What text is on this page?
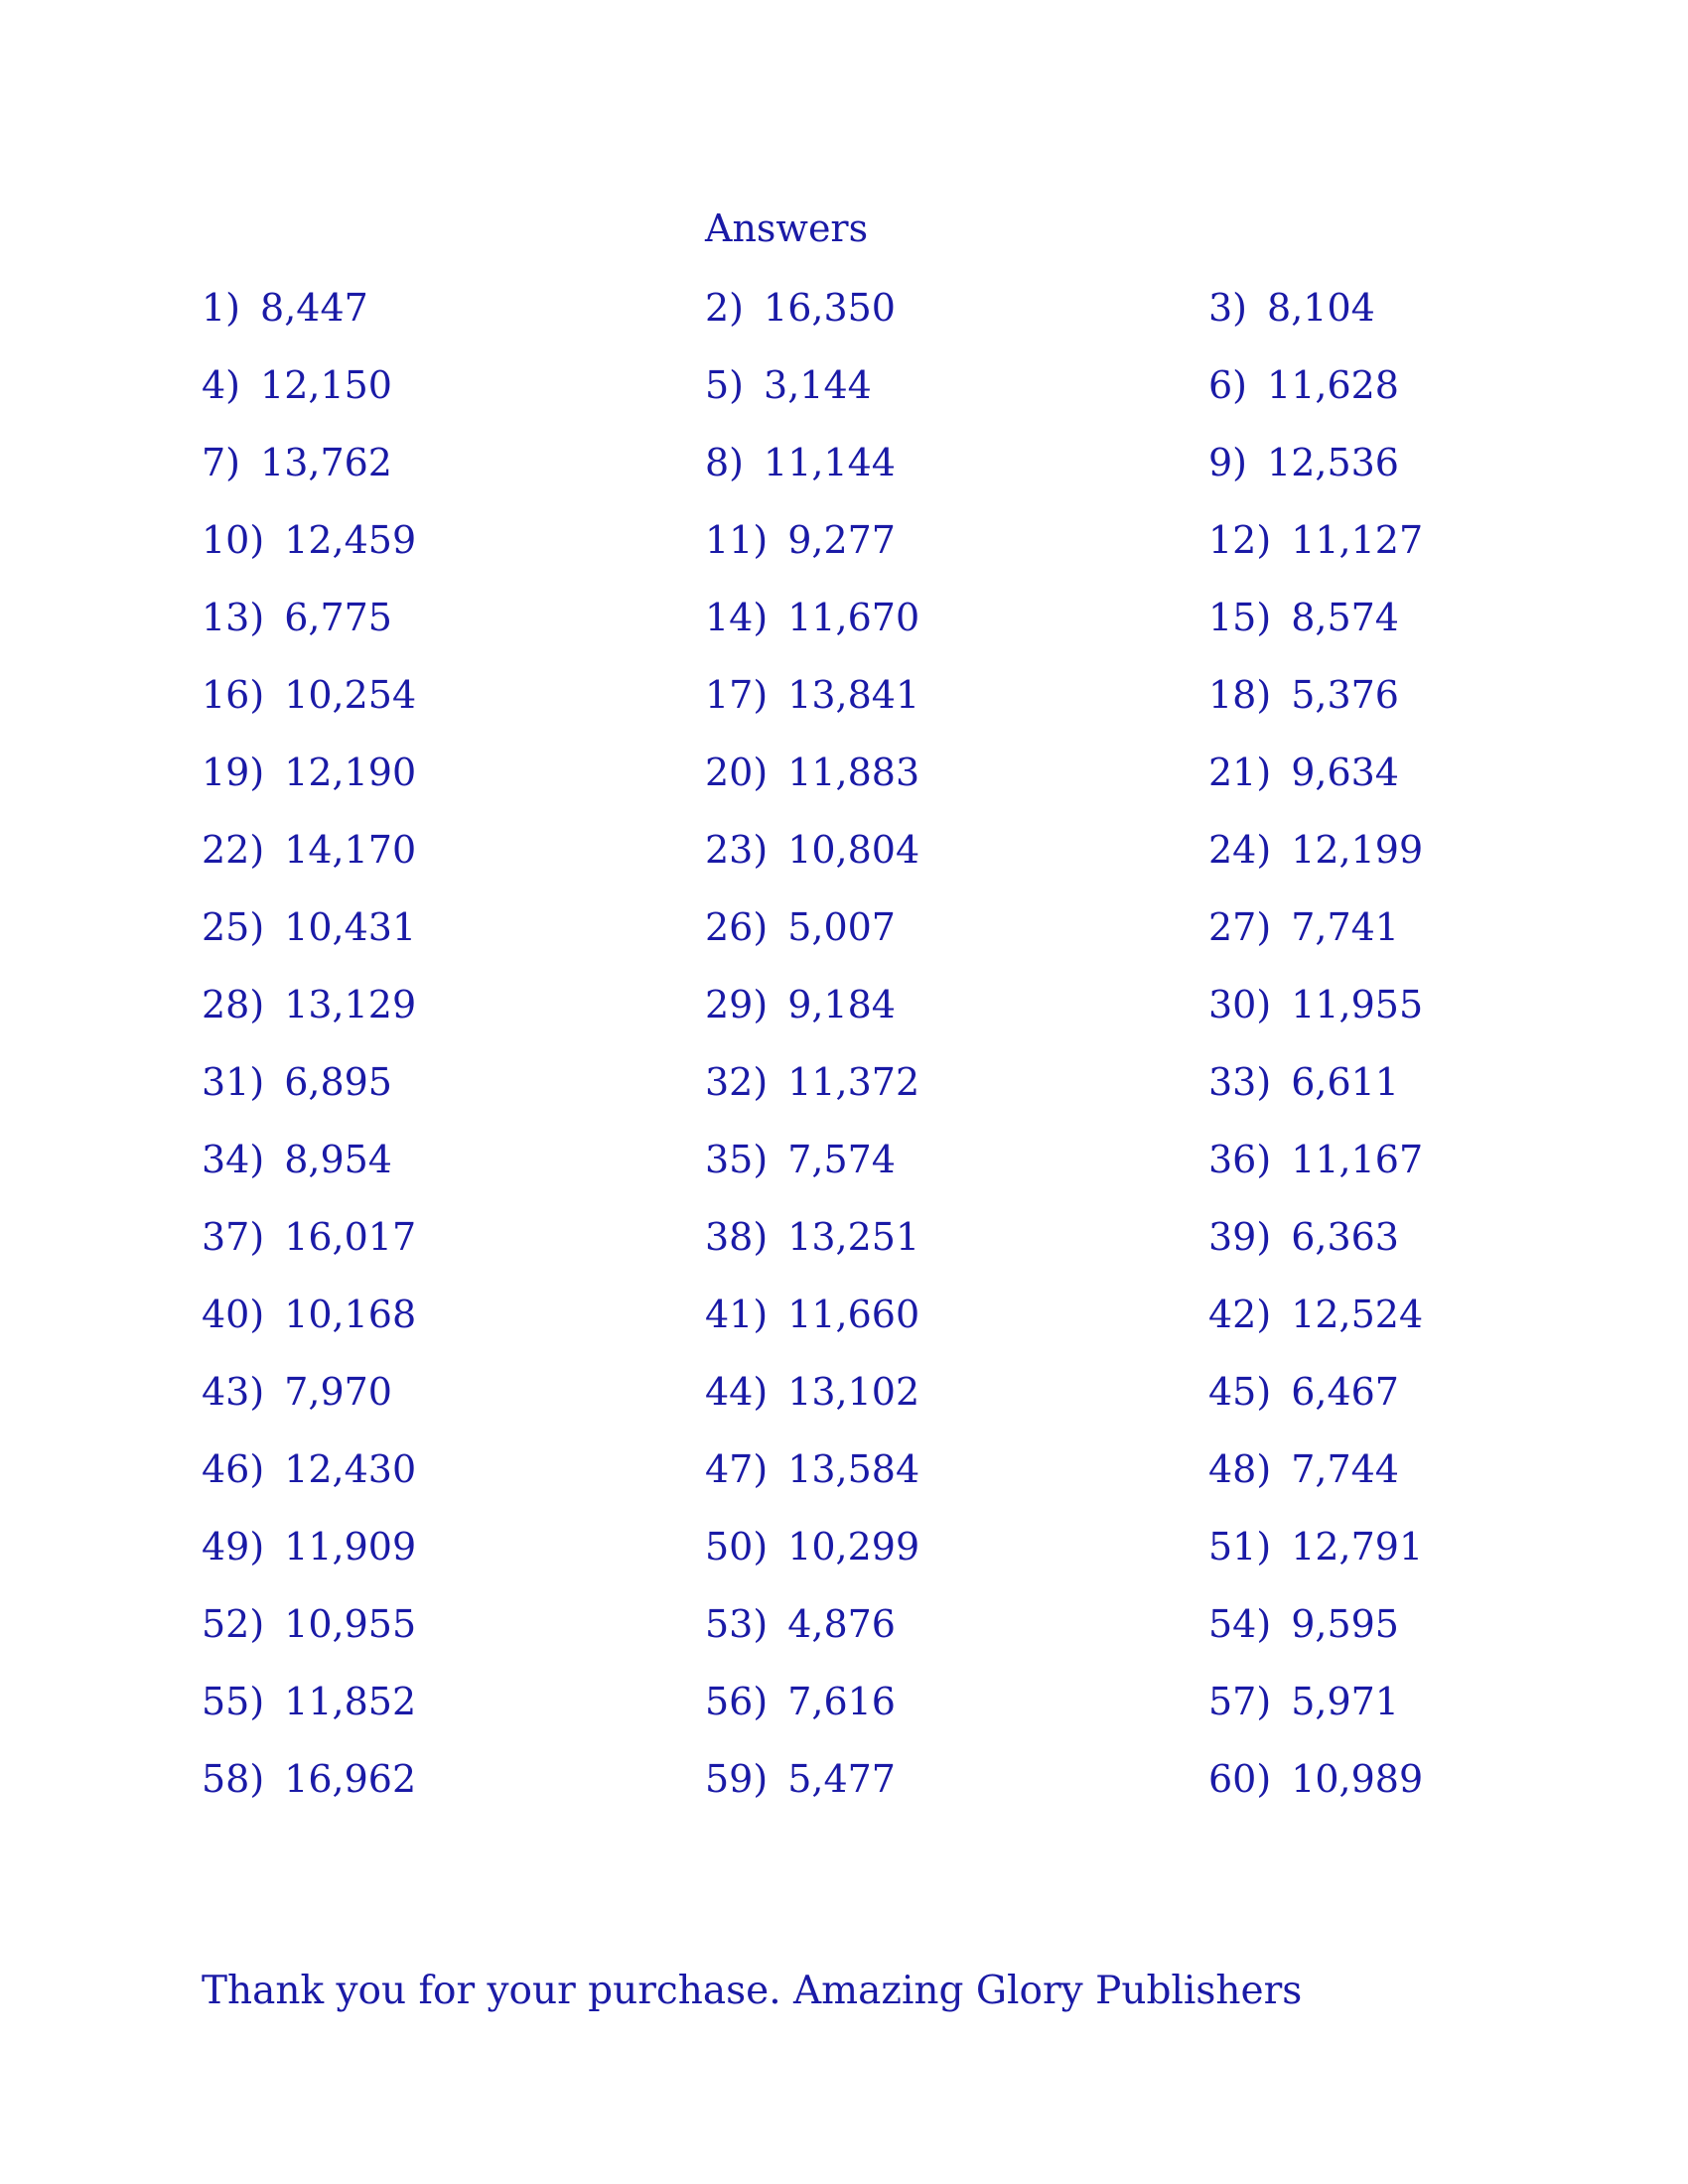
Answers
1) 8,447	2) 16,350	3) 8,104
4) 12,150	5) 3,144	6) 11,628
7) 13,762	8) 11,144	9) 12,536
10) 12,459	11) 9,277	12) 11,127
13) 6,775	14) 11,670	15) 8,574
16) 10,254	17) 13,841	18) 5,376
19) 12,190	20) 11,883	21) 9,634
22) 14,170	23) 10,804	24) 12,199
25) 10,431	26) 5,007	27) 7,741
28) 13,129	29) 9,184	30) 11,955
31) 6,895	32) 11,372	33) 6,611
34) 8,954	35) 7,574	36) 11,167
37) 16,017	38) 13,251	39) 6,363
40) 10,168	41) 11,660	42) 12,524
43) 7,970	44) 13,102	45) 6,467
46) 12,430	47) 13,584	48) 7,744
49) 11,909	50) 10,299	51) 12,791
52) 10,955	53) 4,876	54) 9,595
55) 11,852	56) 7,616	57) 5,971
58) 16,962	59) 5,477	60) 10,989
Thank you for your purchase. Amazing Glory Publishers
